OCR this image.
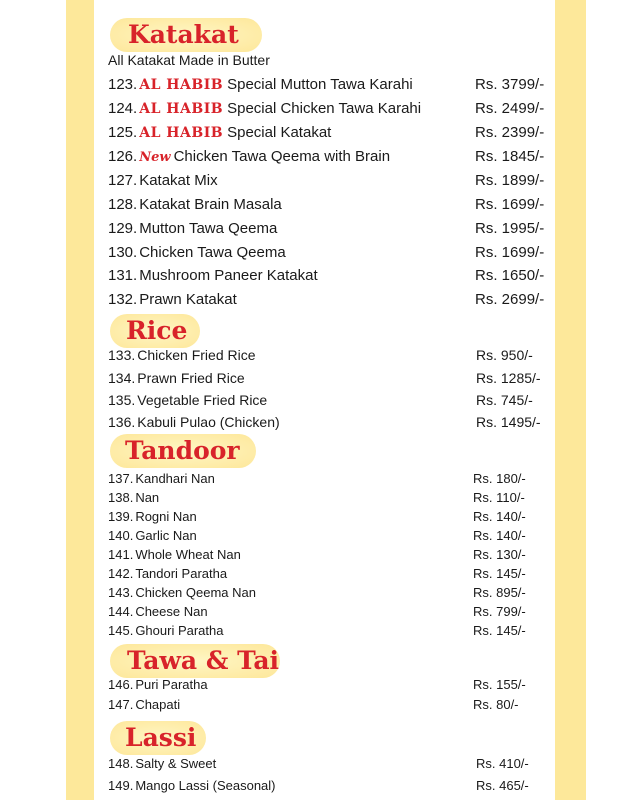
Katakat
All Katakat Made in Butter
Rice
Tandoor
Tawa & Tai
Lassi
123. AL HABIB Special Mutton Tawa Karahi	Rs. 3799/-
124. AL HABIB Special Chicken Tawa Karahi	Rs. 2499/-
125. AL HABIB Special Katakat	Rs. 2399/-
126. New Chicken Tawa Qeema with Brain	Rs. 1845/-
127. Katakat Mix	Rs. 1899/-
128. Katakat Brain Masala	Rs. 1699/-
129. Mutton Tawa Qeema	Rs. 1995/-
130. Chicken Tawa Qeema	Rs. 1699/-
131. Mushroom Paneer Katakat	Rs. 1650/-
132. Prawn Katakat	Rs. 2699/-
133. Chicken Fried Rice	Rs. 950/-
134. Prawn Fried Rice	Rs. 1285/-
135. Vegetable Fried Rice	Rs. 745/-
136. Kabuli Pulao (Chicken)	Rs. 1495/-
137. Kandhari Nan	Rs. 180/-
138. Nan	Rs. 110/-
139. Rogni Nan	Rs. 140/-
140. Garlic Nan	Rs. 140/-
141. Whole Wheat Nan	Rs. 130/-
142. Tandori Paratha	Rs. 145/-
143. Chicken Qeema Nan	Rs. 895/-
144. Cheese Nan	Rs. 799/-
145. Ghouri Paratha	Rs. 145/-
146. Puri Paratha	Rs. 155/-
147. Chapati	Rs. 80/-
148. Salty & Sweet	Rs. 410/-
149. Mango Lassi (Seasonal)	Rs. 465/-
